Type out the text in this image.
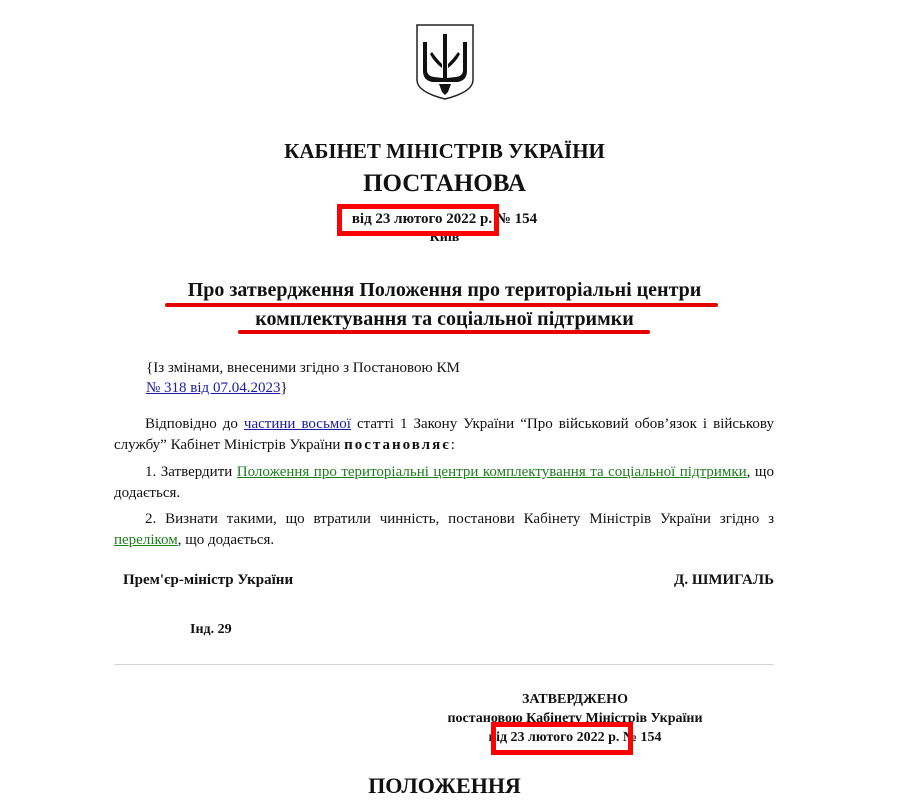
КАБІНЕТ МІНІСТРІВ УКРАЇНИ
ПОСТАНОВА
від 23 лютого 2022 р. № 154
Київ
Про затвердження Положення про територіальні центри
комплектування та соціальної підтримки
{Із змінами, внесеними згідно з Постановою КМ
№ 318 від 07.04.2023}
Відповідно до частини восьмої статті 1 Закону України “Про військовий обов’язок і військову службу” Кабінет Міністрів України постановляє:
1. Затвердити Положення про територіальні центри комплектування та соціальної підтримки, що додається.
2. Визнати такими, що втратили чинність, постанови Кабінету Міністрів України згідно з переліком, що додається.
Прем'єр-міністр України	Д. ШМИГАЛЬ
Інд. 29
ЗАТВЕРДЖЕНО
постановою Кабінету Міністрів України
від 23 лютого 2022 р. № 154
ПОЛОЖЕННЯ
